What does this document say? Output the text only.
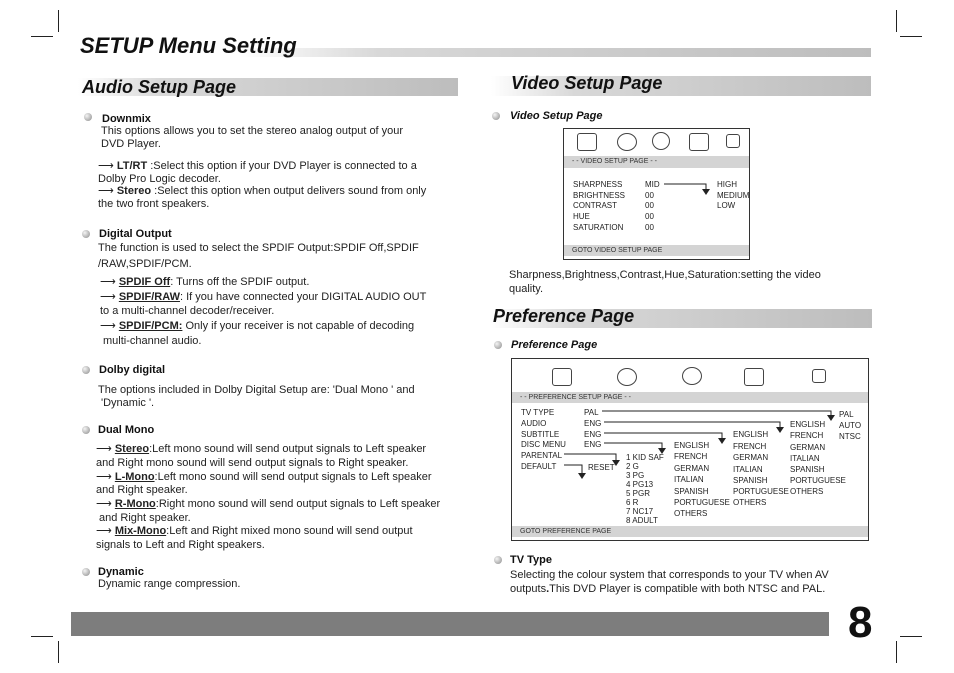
SETUP Menu Setting
Audio Setup Page
Downmix
This options allows you to set the stereo analog output of your
DVD Player.
⟶ LT/RT :Select this option if your DVD Player is connected to a
Dolby Pro Logic decoder.
⟶ Stereo :Select this option when output delivers sound from only
the two front speakers.
Digital Output
The function is used to select the SPDIF Output:SPDIF Off,SPDIF
/RAW,SPDIF/PCM.
⟶ SPDIF Off: Turns off the SPDIF output.
⟶ SPDIF/RAW: If you have connected your DIGITAL AUDIO OUT
to a multi-channel decoder/receiver.
⟶ SPDIF/PCM: Only if your receiver is not capable of decoding
multi-channel audio.
Dolby digital
The options included in Dolby Digital Setup are: 'Dual Mono ' and
'Dynamic '.
Dual Mono
⟶ Stereo:Left mono sound will send output signals to Left speaker
and Right mono sound will send output signals to Right speaker.
⟶ L-Mono:Left mono sound will send output signals to Left speaker
and Right speaker.
⟶ R-Mono:Right mono sound will send output signals to Left speaker
and Right speaker.
⟶ Mix-Mono:Left and Right mixed mono sound will send output
signals to Left and Right speakers.
Dynamic
Dynamic range compression.
Video Setup Page
Video Setup Page
- - VIDEO SETUP PAGE - -
SHARPNESS
BRIGHTNESS
CONTRAST
HUE
SATURATION
MID
00
00
00
00
HIGH
MEDIUM
LOW
GOTO VIDEO SETUP PAGE
Sharpness,Brightness,Contrast,Hue,Saturation:setting the video
quality.
Preference Page
Preference Page
- - PREFERENCE SETUP PAGE - -
TV TYPE
AUDIO
SUBTITLE
DISC MENU
PARENTAL
DEFAULT
PAL
ENG
ENG
ENG
RESET
1 KID SAF
2 G
3 PG
4 PG13
5 PGR
6 R
7 NC17
8 ADULT
ENGLISH
FRENCH
GERMAN
ITALIAN
SPANISH
PORTUGUESE
OTHERS
ENGLISH
FRENCH
GERMAN
ITALIAN
SPANISH
PORTUGUESE
OTHERS
ENGLISH
FRENCH
GERMAN
ITALIAN
SPANISH
PORTUGUESE
OTHERS
PAL
AUTO
NTSC
GOTO PREFERENCE PAGE
TV Type
Selecting the colour system that corresponds to your TV when AV
outputs.This DVD Player is compatible with both NTSC and PAL.
8
